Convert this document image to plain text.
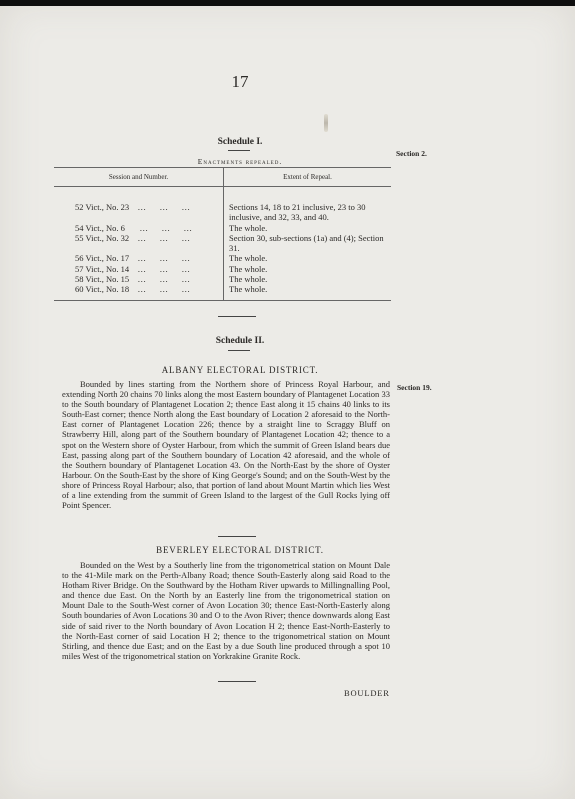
17
Schedule I.
Enactments repealed.
Section 2.
Session and Number.	Extent of Repeal.
52 Vict., No. 23   …    …    …
54 Vict., No. 6     …    …    …
55 Vict., No. 32   …    …    …
56 Vict., No. 17   …    …    …
57 Vict., No. 14   …    …    …
58 Vict., No. 15   …    …    …
60 Vict., No. 18   …    …    …
Sections 14, 18 to 21 inclusive, 23 to 30 inclusive, and 32, 33, and 40.
The whole.
Section 30, sub-sections (1a) and (4); Section 31.
The whole.
The whole.
The whole.
The whole.
Schedule II.
ALBANY ELECTORAL DISTRICT.
Section 19.
Bounded by lines starting from the Northern shore of Princess Royal Harbour, and extending North 20 chains 70 links along the most Eastern boundary of Plantagenet Location 33 to the South boundary of Plantagenet Location 2; thence East along it 15 chains 40 links to its South-East corner; thence North along the East boundary of Location 2 aforesaid to the North-East corner of Plantagenet Location 226; thence by a straight line to Scraggy Bluff on Strawberry Hill, along part of the Southern boundary of Plantagenet Location 42; thence to a spot on the Western shore of Oyster Harbour, from which the summit of Green Island bears due East, passing along part of the Southern boundary of Location 42 aforesaid, and the whole of the Southern boundary of Plantagenet Location 43. On the North-East by the shore of Oyster Harbour. On the South-East by the shore of King George's Sound; and on the South-West by the shore of Princess Royal Harbour; also, that portion of land about Mount Martin which lies West of a line extending from the summit of Green Island to the largest of the Gull Rocks lying off Point Spencer.
BEVERLEY ELECTORAL DISTRICT.
Bounded on the West by a Southerly line from the trigonometrical station on Mount Dale to the 41-Mile mark on the Perth-Albany Road; thence South-Easterly along said Road to the Hotham River Bridge. On the Southward by the Hotham River upwards to Millingnalling Pool, and thence due East. On the North by an Easterly line from the trigonometrical station on Mount Dale to the South-West corner of Avon Location 30; thence East-North-Easterly along South boundaries of Avon Locations 30 and O to the Avon River; thence downwards along East side of said river to the North boundary of Avon Location H 2; thence East-North-Easterly to the North-East corner of said Location H 2; thence to the trigonometrical station on Mount Stirling, and thence due East; and on the East by a due South line produced through a spot 10 miles West of the trigonometrical station on Yorkrakine Granite Rock.
BOULDER
